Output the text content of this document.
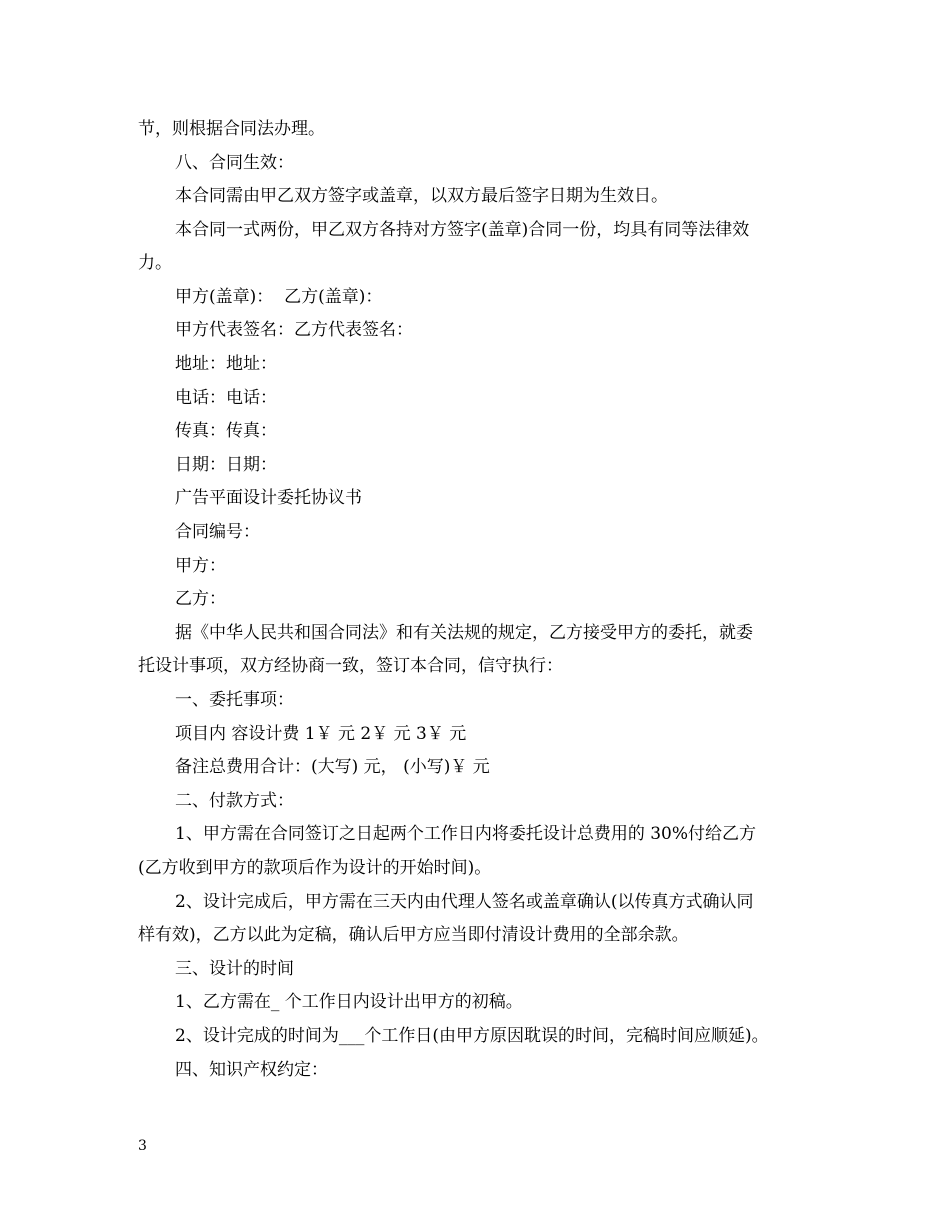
节，则根据合同法办理。
八、合同生效：
本合同需由甲乙双方签字或盖章，以双方最后签字日期为生效日。
本合同一式两份，甲乙双方各持对方签字(盖章)合同一份，均具有同等法律效
力。
甲方(盖章)：  乙方(盖章)：
甲方代表签名：乙方代表签名：
地址：地址：
电话：电话：
传真：传真：
日期：日期：
广告平面设计委托协议书
合同编号：
甲方：
乙方：
据《中华人民共和国合同法》和有关法规的规定，乙方接受甲方的委托，就委
托设计事项，双方经协商一致，签订本合同，信守执行：
一、委托事项：
项目内 容设计费 1￥ 元 2￥ 元 3￥ 元
备注总费用合计：(大写) 元， (小写)￥ 元
二、付款方式：
1、甲方需在合同签订之日起两个工作日内将委托设计总费用的 30%付给乙方
(乙方收到甲方的款项后作为设计的开始时间)。
2、设计完成后，甲方需在三天内由代理人签名或盖章确认(以传真方式确认同
样有效)，乙方以此为定稿，确认后甲方应当即付清设计费用的全部余款。
三、设计的时间
1、乙方需在_ 个工作日内设计出甲方的初稿。
2、设计完成的时间为___个工作日(由甲方原因耽误的时间，完稿时间应顺延)。
四、知识产权约定：
3
